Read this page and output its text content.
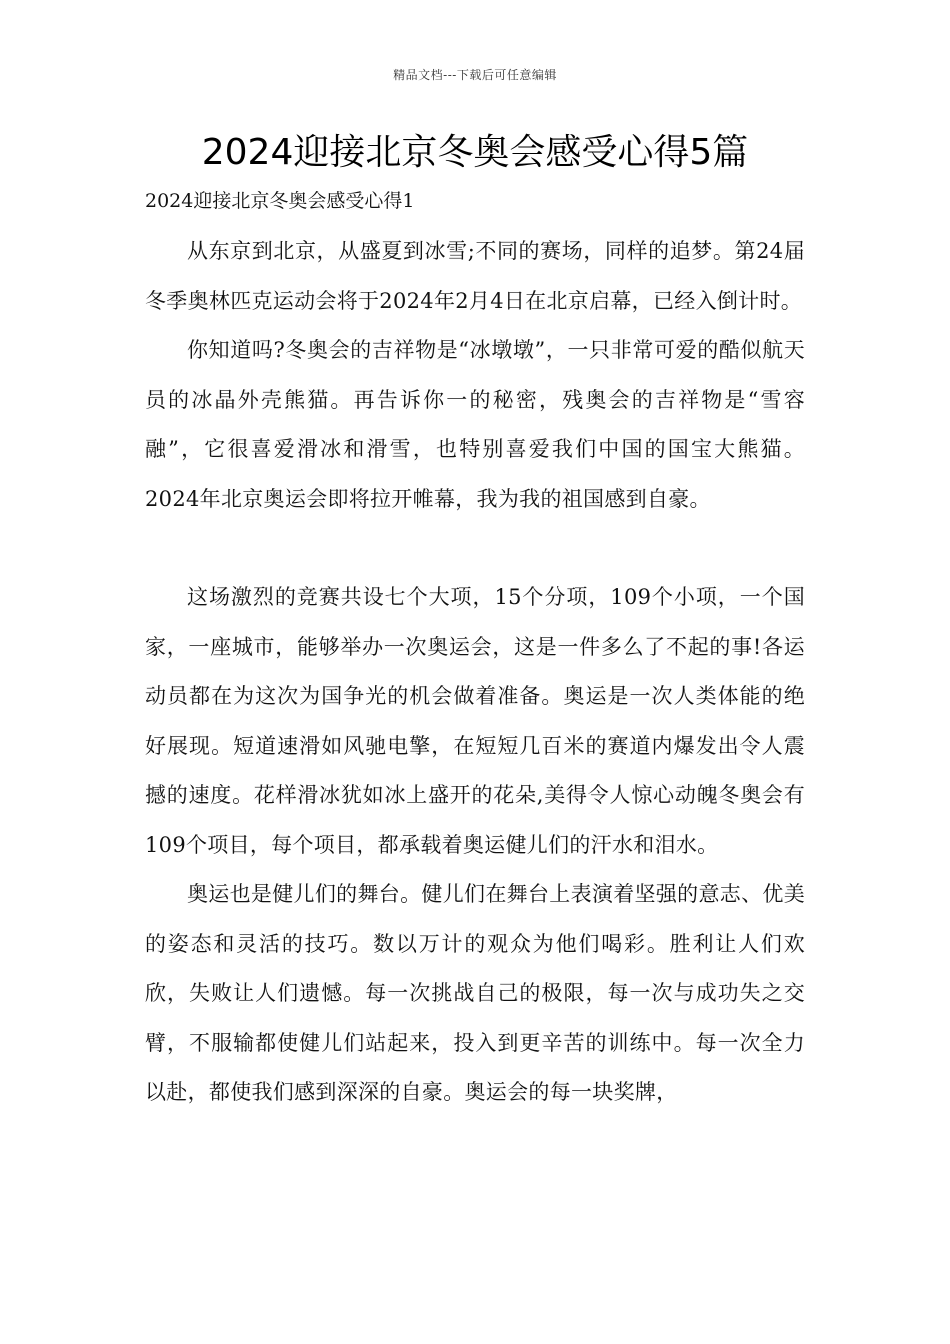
精品文档---下载后可任意编辑
2024迎接北京冬奥会感受心得5篇
2024迎接北京冬奥会感受心得1

从东京到北京，从盛夏到冰雪;不同的赛场，同样的追梦。第24届冬季奥林匹克运动会将于2024年2月4日在北京启幕，已经入倒计时。

你知道吗?冬奥会的吉祥物是“冰墩墩”，一只非常可爱的酷似航天员的冰晶外壳熊猫。再告诉你一的秘密，残奥会的吉祥物是“雪容融”，它很喜爱滑冰和滑雪，也特别喜爱我们中国的国宝大熊猫。2024年北京奥运会即将拉开帷幕，我为我的祖国感到自豪。

这场激烈的竞赛共设七个大项，15个分项，109个小项，一个国家，一座城市，能够举办一次奥运会，这是一件多么了不起的事!各运动员都在为这次为国争光的机会做着准备。奥运是一次人类体能的绝好展现。短道速滑如风驰电擎，在短短几百米的赛道内爆发出令人震撼的速度。花样滑冰犹如冰上盛开的花朵,美得令人惊心动魄冬奥会有109个项目，每个项目，都承载着奥运健儿们的汗水和泪水。

奥运也是健儿们的舞台。健儿们在舞台上表演着坚强的意志、优美的姿态和灵活的技巧。数以万计的观众为他们喝彩。胜利让人们欢欣，失败让人们遗憾。每一次挑战自己的极限，每一次与成功失之交臂，不服输都使健儿们站起来，投入到更辛苦的训练中。每一次全力以赴，都使我们感到深深的自豪。奥运会的每一块奖牌，
